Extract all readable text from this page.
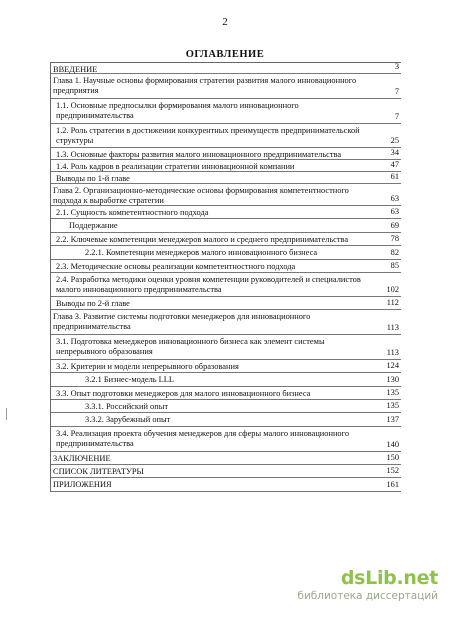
2
ОГЛАВЛЕНИЕ
ВВЕДЕНИЕ	3
Глава 1. Научные основы формирования стратегии развития малого инновационного предприятия	7
1.1. Основные предпосылки формирования малого инновационного предпринимательства	7
1.2. Роль стратегии в достижении конкурентных преимуществ предпринимательской структуры	25
1.3. Основные факторы развития малого инновационного предпринимательства	34
1.4. Роль кадров в реализации стратегии инновационной компании	47
Выводы по 1-й главе	61
Глава 2. Организационно-методические основы формирования компетентностного подхода к выработке стратегии	63
2.1. Сущность компетентностного подхода	63
Поддержание	69
2.2. Ключевые компетенции менеджеров малого и среднего предпринимательства	78
2.2.1. Компетенции менеджеров малого инновационного бизнеса	82
2.3. Методические основы реализации компетентностного подхода	85
2.4. Разработка методики оценки уровня компетенции руководителей и специалистов малого инновационного предпринимательства	102
Выводы по 2-й главе	112
Глава 3. Развитие системы подготовки менеджеров для инновационного предпринимательства	113
3.1. Подготовка менеджеров инновационного бизнеса как элемент системы непрерывного образования	113
3.2. Критерии и модели непрерывного образования	124
3.2.1 Бизнес-модель LLL	130
3.3. Опыт подготовки менеджеров для малого инновационного бизнеса	135
3.3.1. Российский опыт	135
3.3.2. Зарубежный опыт	137
3.4. Реализация проекта обучения менеджеров для сферы малого инновационного предпринимательства	140
ЗАКЛЮЧЕНИЕ	150
СПИСОК ЛИТЕРАТУРЫ	152
ПРИЛОЖЕНИЯ	161
dsLib.net
библиотека диссертаций
